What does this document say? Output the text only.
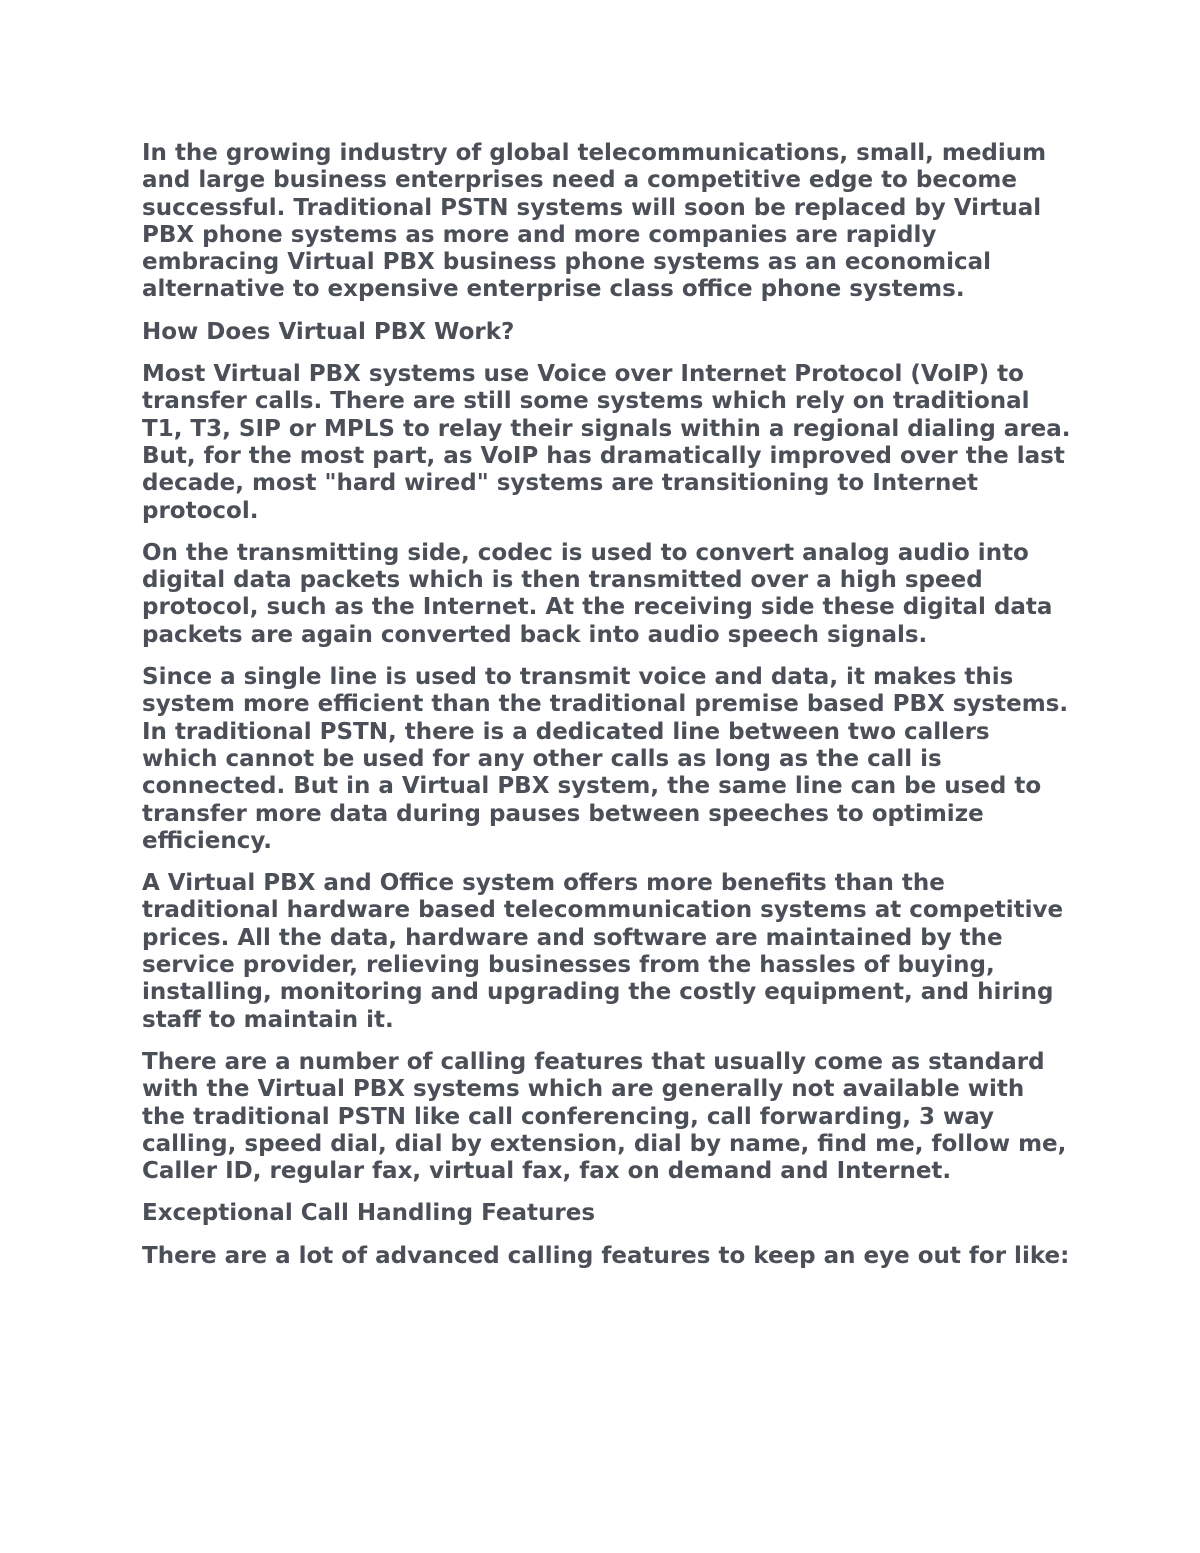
In the growing industry of global telecommunications, small, medium and large business enterprises need a competitive edge to become successful. Traditional PSTN systems will soon be replaced by Virtual PBX phone systems as more and more companies are rapidly embracing Virtual PBX business phone systems as an economical alternative to expensive enterprise class office phone systems.

How Does Virtual PBX Work?

Most Virtual PBX systems use Voice over Internet Protocol (VoIP) to transfer calls. There are still some systems which rely on traditional T1, T3, SIP or MPLS to relay their signals within a regional dialing area. But, for the most part, as VoIP has dramatically improved over the last decade, most "hard wired" systems are transitioning to Internet protocol.

On the transmitting side, codec is used to convert analog audio into digital data packets which is then transmitted over a high speed protocol, such as the Internet. At the receiving side these digital data packets are again converted back into audio speech signals.

Since a single line is used to transmit voice and data, it makes this system more efficient than the traditional premise based PBX systems. In traditional PSTN, there is a dedicated line between two callers which cannot be used for any other calls as long as the call is connected. But in a Virtual PBX system, the same line can be used to transfer more data during pauses between speeches to optimize efficiency.

A Virtual PBX and Office system offers more benefits than the traditional hardware based telecommunication systems at competitive prices. All the data, hardware and software are maintained by the service provider, relieving businesses from the hassles of buying, installing, monitoring and upgrading the costly equipment, and hiring staff to maintain it.

There are a number of calling features that usually come as standard with the Virtual PBX systems which are generally not available with the traditional PSTN like call conferencing, call forwarding, 3 way calling, speed dial, dial by extension, dial by name, find me, follow me, Caller ID, regular fax, virtual fax, fax on demand and Internet.

Exceptional Call Handling Features

There are a lot of advanced calling features to keep an eye out for like:
